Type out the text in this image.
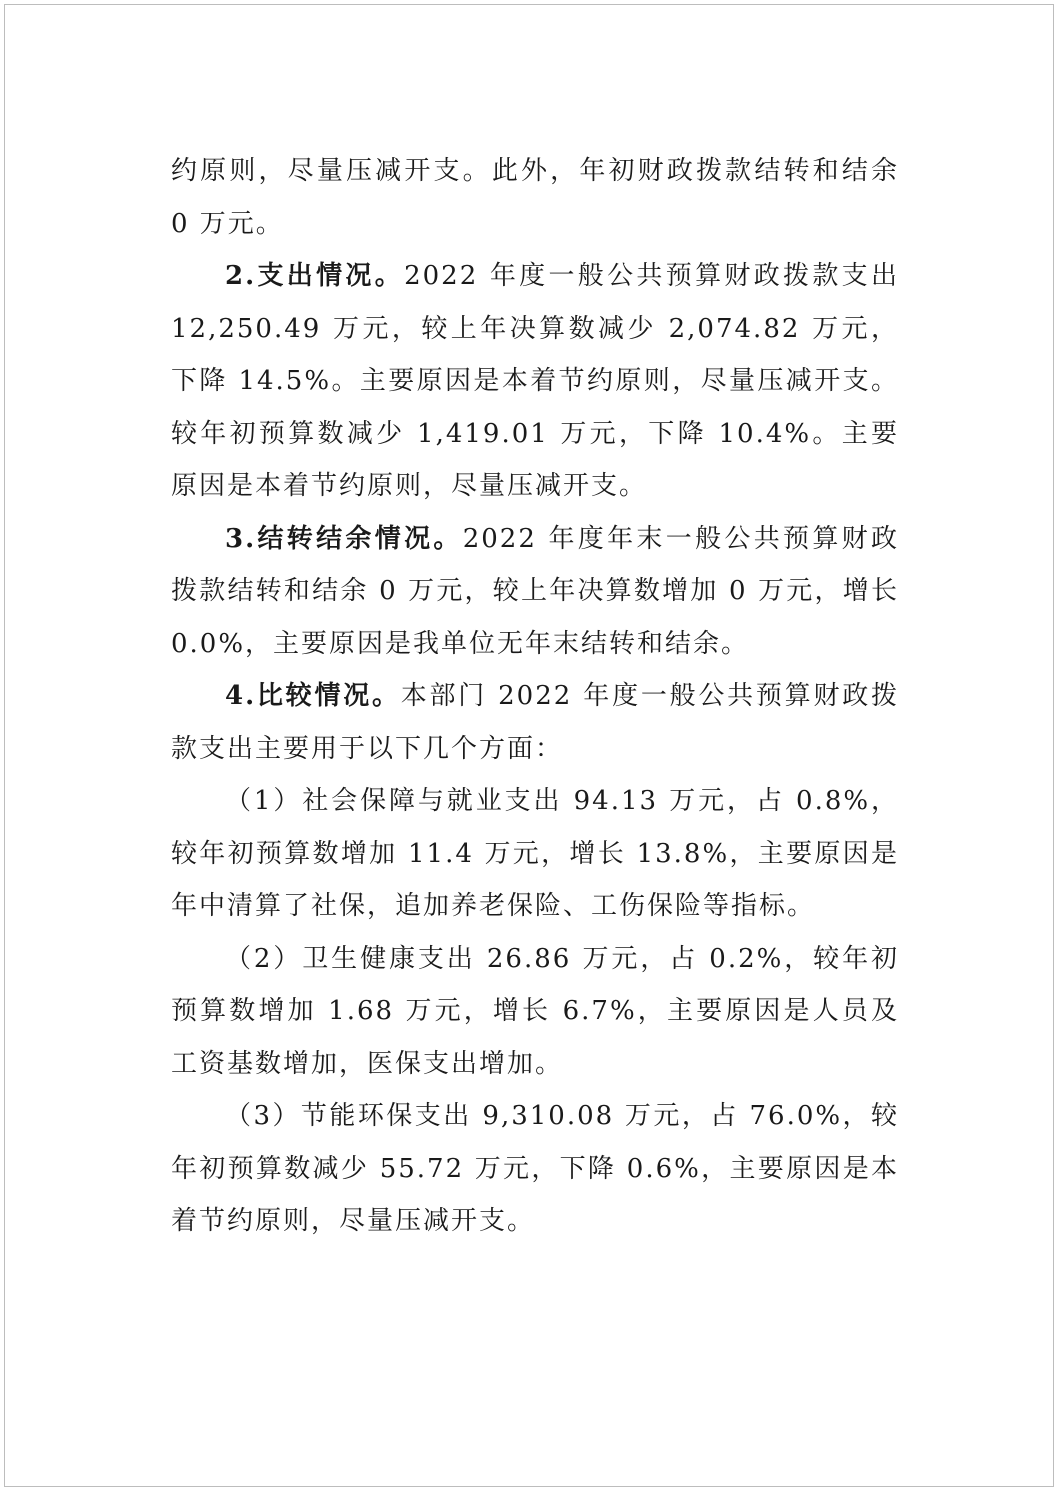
约原则，尽量压减开支。此外，年初财政拨款结转和结余 0 万元。

2.支出情况。2022 年度一般公共预算财政拨款支出 12,250.49 万元，较上年决算数减少 2,074.82 万元，下降 14.5%。主要原因是本着节约原则，尽量压减开支。较年初预算数减少 1,419.01 万元，下降 10.4%。主要原因是本着节约原则，尽量压减开支。

3.结转结余情况。2022 年度年末一般公共预算财政拨款结转和结余 0 万元，较上年决算数增加 0 万元，增长 0.0%，主要原因是我单位无年末结转和结余。

4.比较情况。本部门 2022 年度一般公共预算财政拨款支出主要用于以下几个方面：

（1）社会保障与就业支出 94.13 万元，占 0.8%，较年初预算数增加 11.4 万元，增长 13.8%，主要原因是年中清算了社保，追加养老保险、工伤保险等指标。

（2）卫生健康支出 26.86 万元，占 0.2%，较年初预算数增加 1.68 万元，增长 6.7%，主要原因是人员及工资基数增加，医保支出增加。

（3）节能环保支出 9,310.08 万元，占 76.0%，较年初预算数减少 55.72 万元，下降 0.6%，主要原因是本着节约原则，尽量压减开支。
